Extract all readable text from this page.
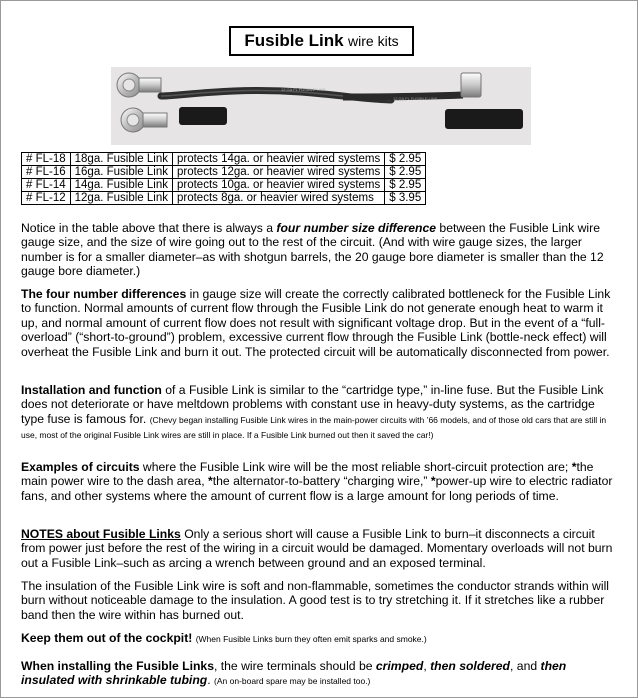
Fusible Link wire kits
12 GA FL FUSIBLE LINK
12 GA FL FUSIBLE LINK
# FL-18	18ga. Fusible Link	protects 14ga. or heavier wired systems	$ 2.95
# FL-16	16ga. Fusible Link	protects 12ga. or heavier wired systems	$ 2.95
# FL-14	14ga. Fusible Link	protects 10ga. or heavier wired systems	$ 2.95
# FL-12	12ga. Fusible Link	protects 8ga. or heavier wired systems	$ 3.95

Notice in the table above that there is always a four number size difference between the Fusible Link wire gauge size, and the size of wire going out to the rest of the circuit. (And with wire gauge sizes, the larger number is for a smaller diameter–as with shotgun barrels, the 20 gauge bore diameter is smaller than the 12 gauge bore diameter.)

The four number differences in gauge size will create the correctly calibrated bottleneck for the Fusible Link to function. Normal amounts of current flow through the Fusible Link do not generate enough heat to warm it up, and normal amount of current flow does not result with significant voltage drop. But in the event of a “full-overload” (“short-to-ground”) problem, excessive current flow through the Fusible Link (bottle-neck effect) will overheat the Fusible Link and burn it out. The protected circuit will be automatically disconnected from power.

Installation and function of a Fusible Link is similar to the “cartridge type,” in-line fuse. But the Fusible Link does not deteriorate or have meltdown problems with constant use in heavy-duty systems, as the cartridge type fuse is famous for. (Chevy began installing Fusible Link wires in the main-power circuits with ’66 models, and of those old cars that are still in use, most of the original Fusible Link wires are still in place. If a Fusible Link burned out then it saved the car!)

Examples of circuits where the Fusible Link wire will be the most reliable short-circuit protection are; *the main power wire to the dash area, *the alternator-to-battery “charging wire,” *power-up wire to electric radiator fans, and other systems where the amount of current flow is a large amount for long periods of time.

NOTES about Fusible Links Only a serious short will cause a Fusible Link to burn–it disconnects a circuit from power just before the rest of the wiring in a circuit would be damaged. Momentary overloads will not burn out a Fusible Link–such as arcing a wrench between ground and an exposed terminal.

The insulation of the Fusible Link wire is soft and non-flammable, sometimes the conductor strands within will burn without noticeable damage to the insulation. A good test is to try stretching it. If it stretches like a rubber band then the wire within has burned out.

Keep them out of the cockpit! (When Fusible Links burn they often emit sparks and smoke.)

When installing the Fusible Links, the wire terminals should be crimped, then soldered, and then insulated with shrinkable tubing. (An on-board spare may be installed too.)
